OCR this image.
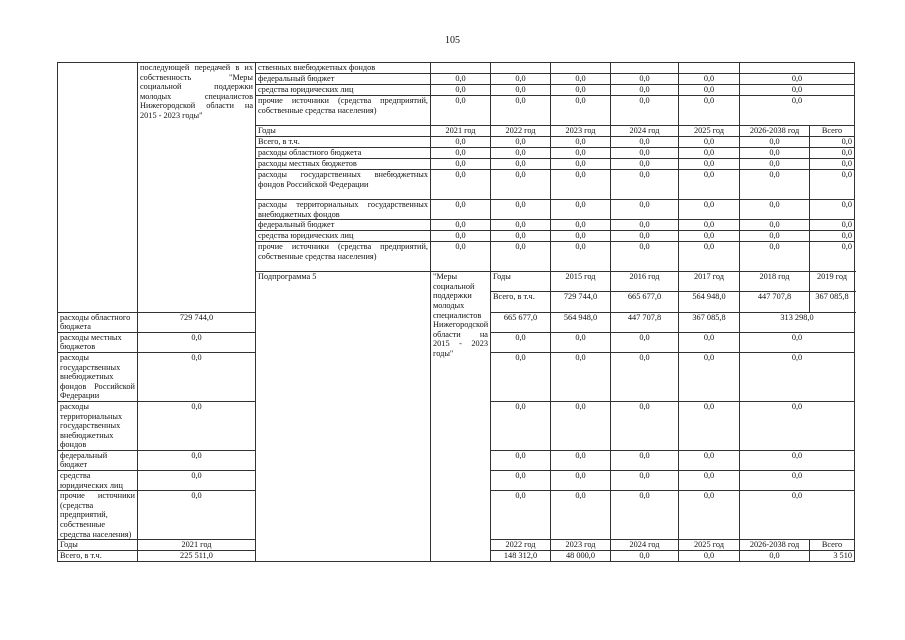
105
	последующей передачей в их собственность "Меры социальной поддержки молодых специалистов Нижегородской области на 2015 - 2023 годы"	ственных внебюджетных фондов								
		федеральный бюджет	0,0	0,0	0,0	0,0	0,0	0,0		
		средства юридических лиц	0,0	0,0	0,0	0,0	0,0	0,0		
		прочие источники (средства предприятий, собственные средства населения)	0,0	0,0	0,0	0,0	0,0	0,0		
		Годы	2021 год	2022 год	2023 год	2024 год	2025 год	2026-2038 год	Всего	
		Всего, в т.ч.	0,0	0,0	0,0	0,0	0,0	0,0	0,0	
		расходы областного бюджета	0,0	0,0	0,0	0,0	0,0	0,0	0,0	
		расходы местных бюджетов	0,0	0,0	0,0	0,0	0,0	0,0	0,0	
		расходы государственных внебюджетных фондов Российской Федерации	0,0	0,0	0,0	0,0	0,0	0,0	0,0	
		расходы территориальных государственных внебюджетных фондов	0,0	0,0	0,0	0,0	0,0	0,0	0,0	
		федеральный бюджет	0,0	0,0	0,0	0,0	0,0	0,0	0,0	
		средства юридических лиц	0,0	0,0	0,0	0,0	0,0	0,0	0,0	
		прочие источники (средства предприятий, собственные средства населения)	0,0	0,0	0,0	0,0	0,0	0,0	0,0	
		Подпрограмма 5	"Меры социальной поддержки молодых специалистов Нижегородской области на 2015 - 2023 годы"	Годы	2015 год	2016 год	2017 год	2018 год	2019 год	
				Всего, в т.ч.	729 744,0	665 677,0	564 948,0	447 707,8	367 085,8	
расходы областного бюджета	729 744,0			665 677,0	564 948,0	447 707,8	367 085,8	313 298,0		
расходы местных бюджетов	0,0			0,0	0,0	0,0	0,0	0,0		
расходы государственных внебюджетных фондов Российской Федерации	0,0			0,0	0,0	0,0	0,0	0,0		
расходы территориальных государственных внебюджетных фондов	0,0			0,0	0,0	0,0	0,0	0,0		
федеральный бюджет	0,0			0,0	0,0	0,0	0,0	0,0		
средства юридических лиц	0,0			0,0	0,0	0,0	0,0	0,0		
прочие источники (средства предприятий, собственные средства населения)	0,0			0,0	0,0	0,0	0,0	0,0		
Годы	2021 год			2022 год	2023 год	2024 год	2025 год	2026-2038 год	Всего	
Всего, в т.ч.	225 511,0			148 312,0	48 000,0	0,0	0,0	0,0	3 510	
